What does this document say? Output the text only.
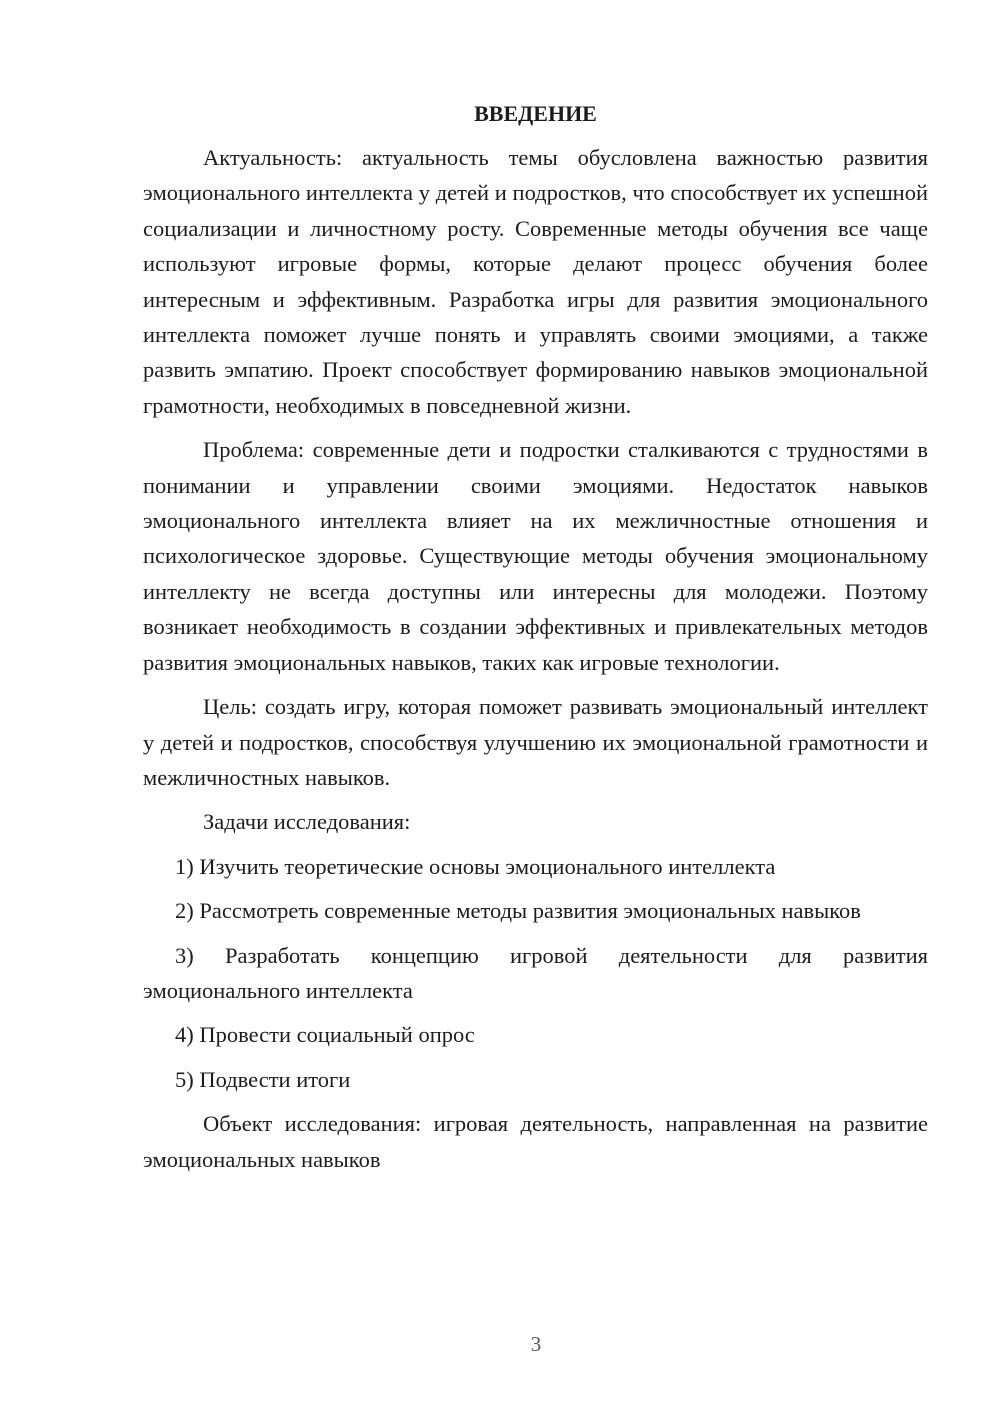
ВВЕДЕНИЕ

Актуальность: актуальность темы обусловлена важностью развития эмоционального интеллекта у детей и подростков, что способствует их успешной социализации и личностному росту. Современные методы обучения все чаще используют игровые формы, которые делают процесс обучения более интересным и эффективным. Разработка игры для развития эмоционального интеллекта поможет лучше понять и управлять своими эмоциями, а также развить эмпатию. Проект способствует формированию навыков эмоциональной грамотности, необходимых в повседневной жизни.

Проблема: современные дети и подростки сталкиваются с трудностями в понимании и управлении своими эмоциями. Недостаток навыков эмоционального интеллекта влияет на их межличностные отношения и психологическое здоровье. Существующие методы обучения эмоциональному интеллекту не всегда доступны или интересны для молодежи. Поэтому возникает необходимость в создании эффективных и привлекательных методов развития эмоциональных навыков, таких как игровые технологии.

Цель: создать игру, которая поможет развивать эмоциональный интеллект у детей и подростков, способствуя улучшению их эмоциональной грамотности и межличностных навыков.

Задачи исследования:

1) Изучить теоретические основы эмоционального интеллекта

2) Рассмотреть современные методы развития эмоциональных навыков

3) Разработать концепцию игровой деятельности для развития эмоционального интеллекта

4) Провести социальный опрос

5) Подвести итоги

Объект исследования: игровая деятельность, направленная на развитие эмоциональных навыков

3
